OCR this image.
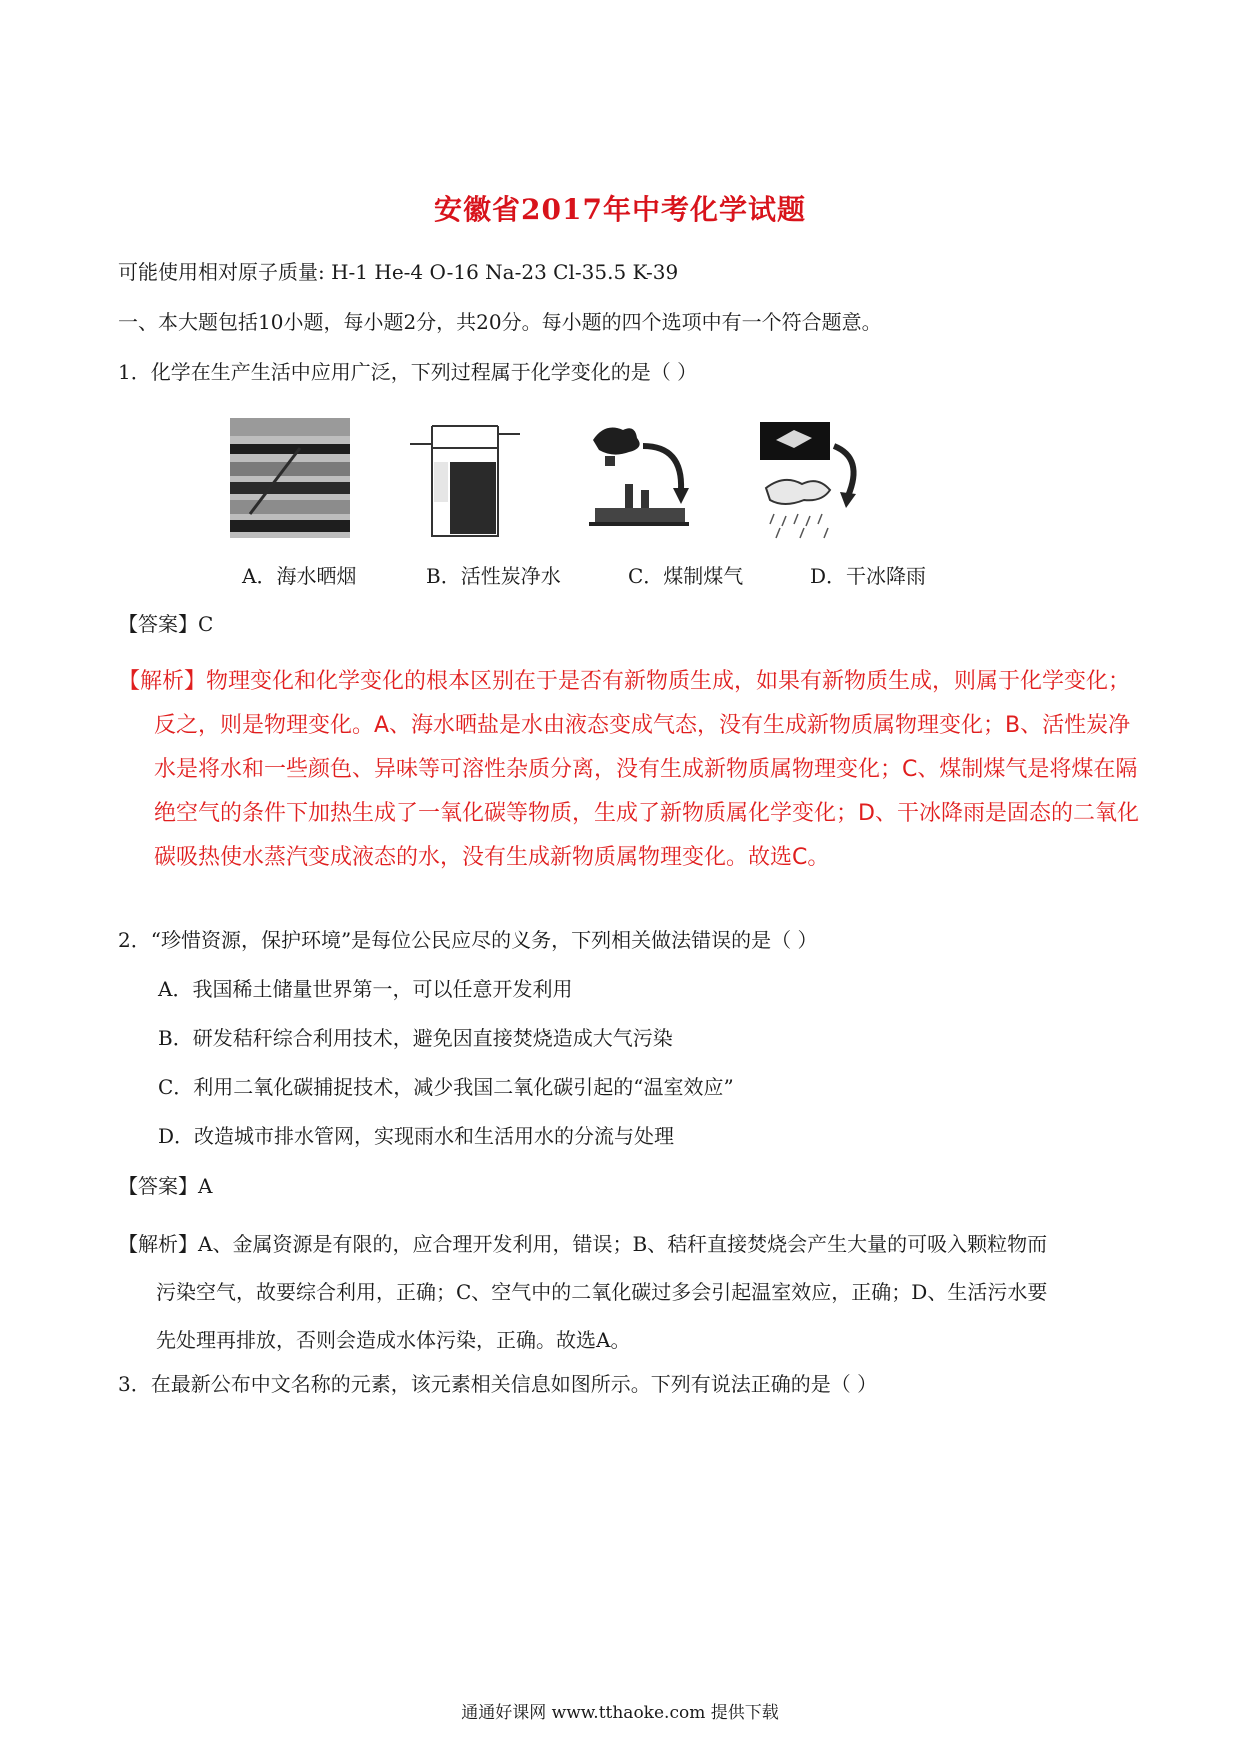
安徽省2017年中考化学试题
可能使用相对原子质量: H-1 He-4 O-16 Na-23 Cl-35.5 K-39
一、本大题包括10小题，每小题2分，共20分。每小题的四个选项中有一个符合题意。
1．化学在生产生活中应用广泛，下列过程属于化学变化的是（ ）
A．海水晒烟	B．活性炭净水	C．煤制煤气	D．干冰降雨
【答案】C

【解析】物理变化和化学变化的根本区别在于是否有新物质生成，如果有新物质生成，则属于化学变化；

反之，则是物理变化。A、海水晒盐是水由液态变成气态，没有生成新物质属物理变化；B、活性炭净

水是将水和一些颜色、异味等可溶性杂质分离，没有生成新物质属物理变化；C、煤制煤气是将煤在隔

绝空气的条件下加热生成了一氧化碳等物质，生成了新物质属化学变化；D、干冰降雨是固态的二氧化

碳吸热使水蒸汽变成液态的水，没有生成新物质属物理变化。故选C。

2．“珍惜资源，保护环境”是每位公民应尽的义务，下列相关做法错误的是（ ）
A．我国稀土储量世界第一，可以任意开发利用
B．研发秸秆综合利用技术，避免因直接焚烧造成大气污染
C．利用二氧化碳捕捉技术，减少我国二氧化碳引起的“温室效应”
D．改造城市排水管网，实现雨水和生活用水的分流与处理
【答案】A

【解析】A、金属资源是有限的，应合理开发利用，错误；B、秸秆直接焚烧会产生大量的可吸入颗粒物而

污染空气，故要综合利用，正确；C、空气中的二氧化碳过多会引起温室效应，正确；D、生活污水要

先处理再排放，否则会造成水体污染，正确。故选A。

3．在最新公布中文名称的元素，该元素相关信息如图所示。下列有说法正确的是（ ）
通通好课网 www.tthaoke.com 提供下载
